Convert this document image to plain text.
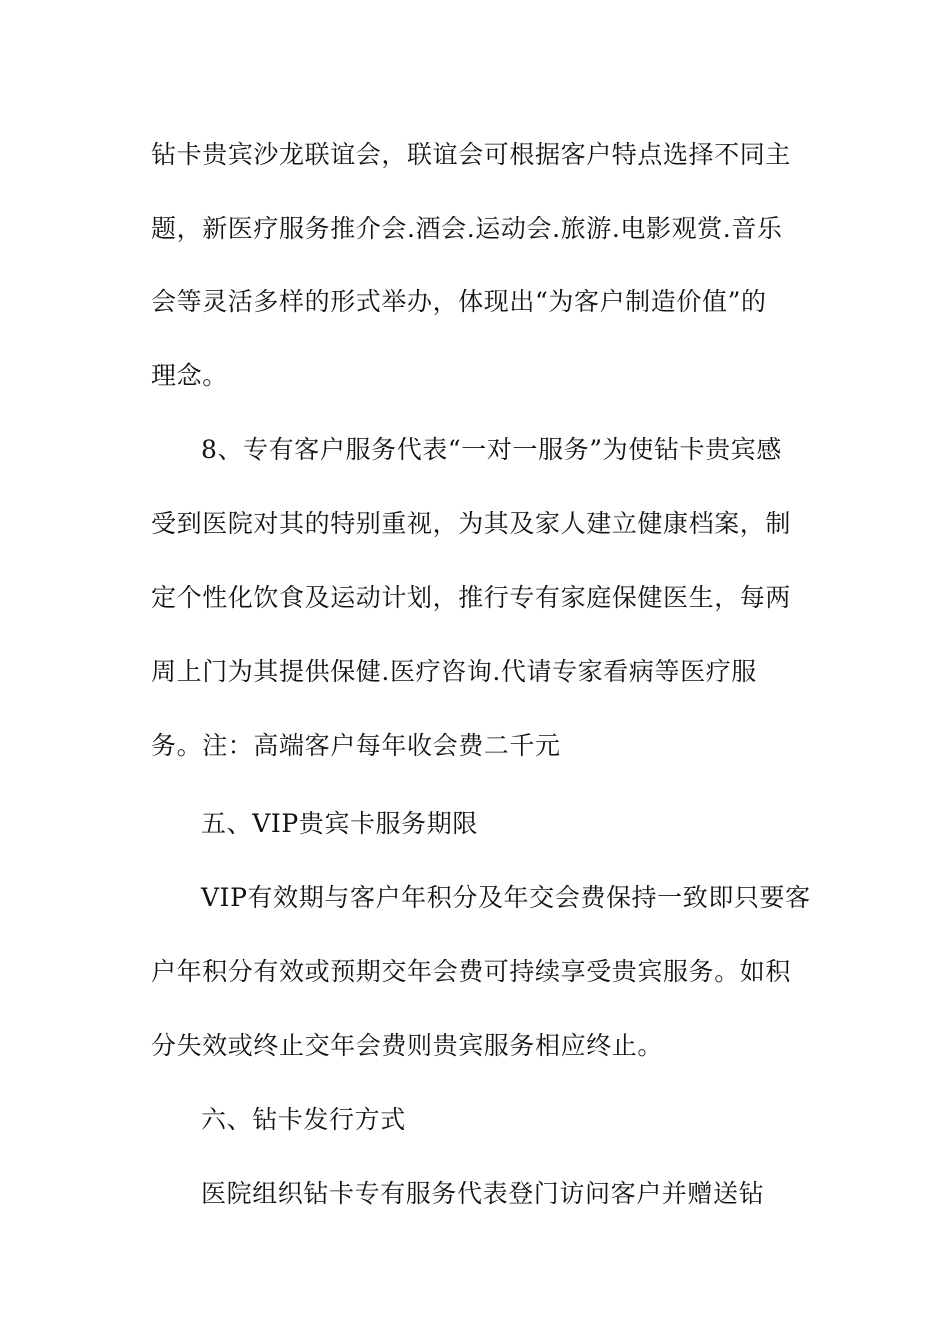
钻卡贵宾沙龙联谊会，联谊会可根据客户特点选择不同主
题，新医疗服务推介会.酒会.运动会.旅游.电影观赏.音乐
会等灵活多样的形式举办，体现出“为客户制造价值”的
理念。
8、专有客户服务代表“一对一服务”为使钻卡贵宾感
受到医院对其的特别重视，为其及家人建立健康档案，制
定个性化饮食及运动计划，推行专有家庭保健医生，每两
周上门为其提供保健.医疗咨询.代请专家看病等医疗服
务。注：高端客户每年收会费二千元
五、VIP贵宾卡服务期限
VIP有效期与客户年积分及年交会费保持一致即只要客
户年积分有效或预期交年会费可持续享受贵宾服务。如积
分失效或终止交年会费则贵宾服务相应终止。
六、钻卡发行方式
医院组织钻卡专有服务代表登门访问客户并赠送钻
